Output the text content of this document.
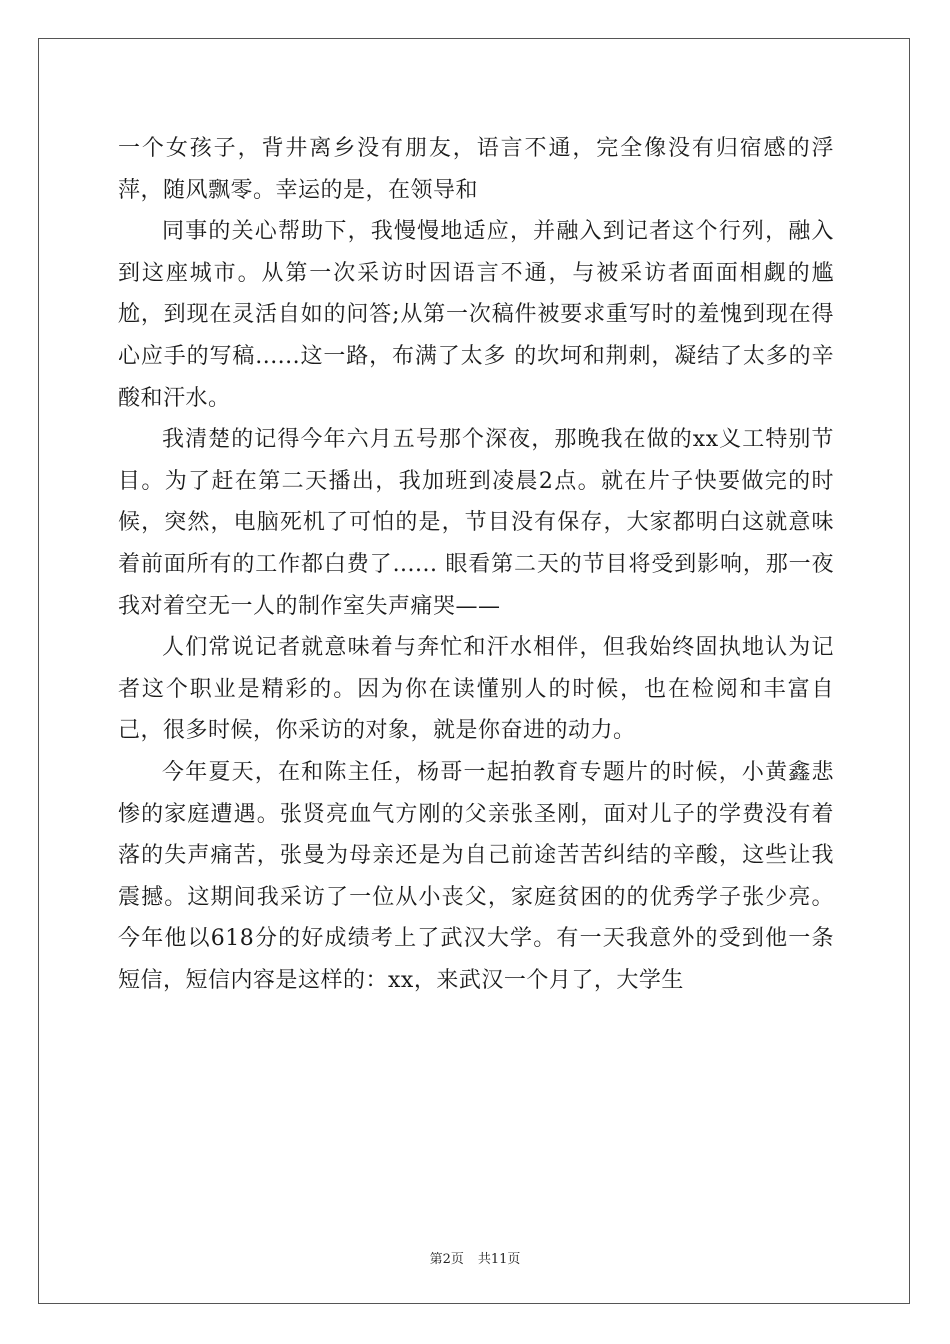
一个女孩子，背井离乡没有朋友，语言不通，完全像没有归宿感的浮萍，随风飘零。幸运的是，在领导和

同事的关心帮助下，我慢慢地适应，并融入到记者这个行列，融入到这座城市。从第一次采访时因语言不通，与被采访者面面相觑的尴尬，到现在灵活自如的问答;从第一次稿件被要求重写时的羞愧到现在得心应手的写稿......这一路，布满了太多 的坎坷和荆刺，凝结了太多的辛酸和汗水。

我清楚的记得今年六月五号那个深夜，那晚我在做的xx义工特别节目。为了赶在第二天播出，我加班到凌晨2点。就在片子快要做完的时候，突然，电脑死机了可怕的是，节目没有保存，大家都明白这就意味着前面所有的工作都白费了...... 眼看第二天的节目将受到影响，那一夜我对着空无一人的制作室失声痛哭——

人们常说记者就意味着与奔忙和汗水相伴，但我始终固执地认为记者这个职业是精彩的。因为你在读懂别人的时候，也在检阅和丰富自己，很多时候，你采访的对象，就是你奋进的动力。

今年夏天，在和陈主任，杨哥一起拍教育专题片的时候，小黄鑫悲惨的家庭遭遇。张贤亮血气方刚的父亲张圣刚，面对儿子的学费没有着落的失声痛苦，张曼为母亲还是为自己前途苦苦纠结的辛酸，这些让我震撼。这期间我采访了一位从小丧父，家庭贫困的的优秀学子张少亮。今年他以618分的好成绩考上了武汉大学。有一天我意外的受到他一条短信，短信内容是这样的：xx，来武汉一个月了，大学生

第2页 共11页
